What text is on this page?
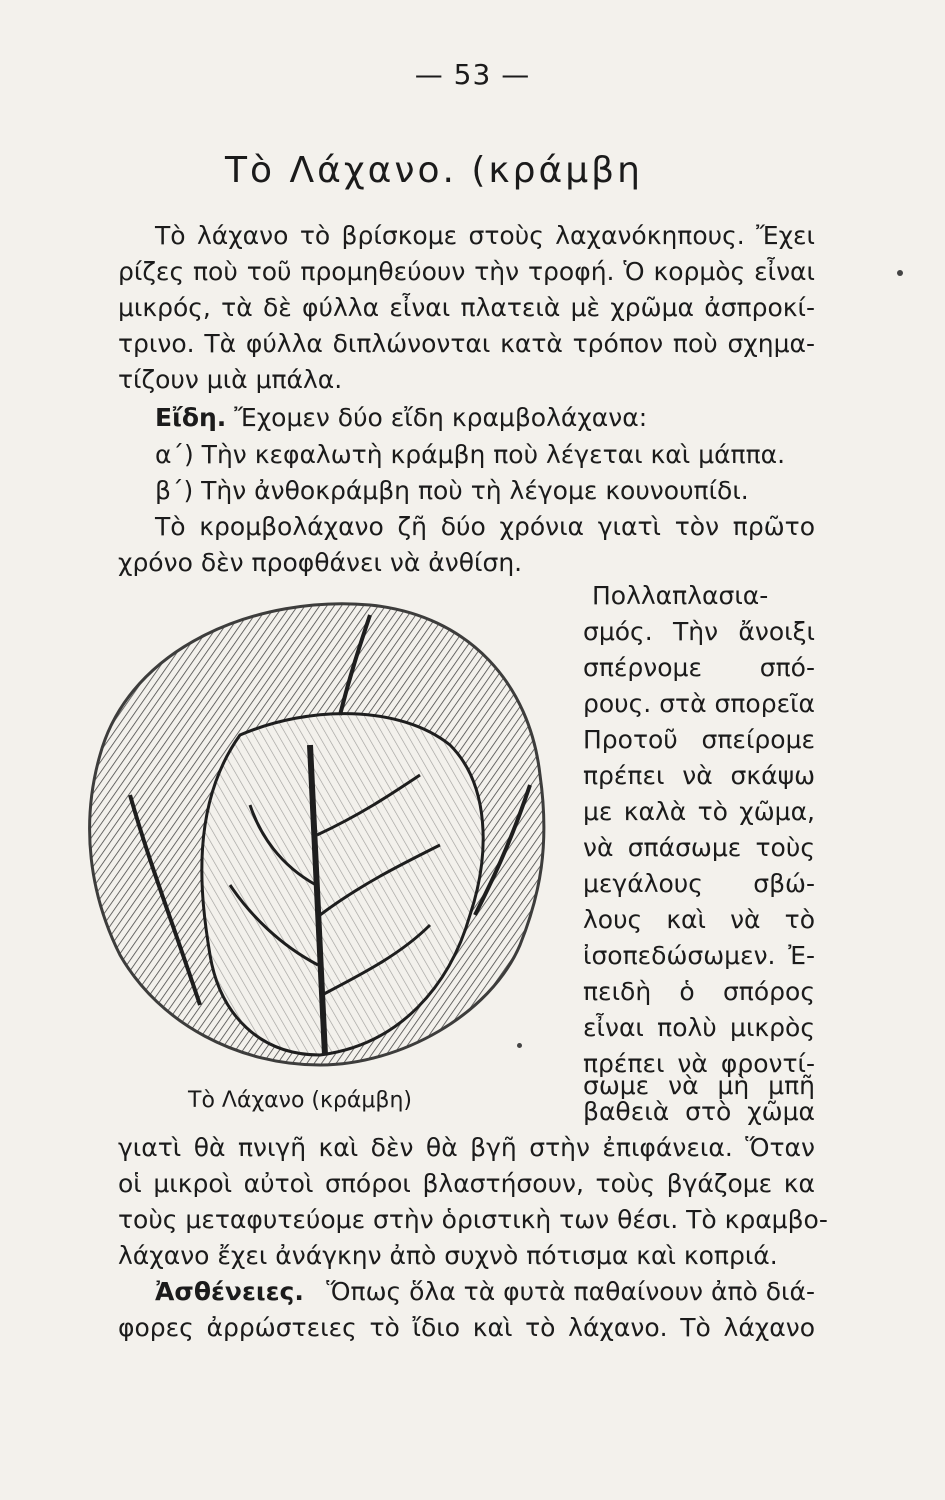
— 53 —
Τὸ Λάχανο. (κράμβη
Τὸ λάχανο τὸ βρίσκομε στοὺς λαχανόκηπους. Ἔχει
ρίζες ποὺ τοῦ προμηθεύουν τὴν τροφή. Ὁ κορμὸς εἶναι
μικρός, τὰ δὲ φύλλα εἶναι πλατειὰ μὲ χρῶμα ἀσπροκί-
τρινο. Τὰ φύλλα διπλώνονται κατὰ τρόπον ποὺ σχημα-
τίζουν μιὰ μπάλα.
Εἴδη. Ἔχομεν δύο εἴδη κραμβολάχανα:
α΄) Τὴν κεφαλωτὴ κράμβη ποὺ λέγεται καὶ μάππα.
β΄) Τὴν ἀνθοκράμβη ποὺ τὴ λέγομε κουνουπίδι.
Τὸ κρομβολάχανο ζῆ δύο χρόνια γιατὶ τὸν πρῶτο
χρόνο δὲν προφθάνει νὰ ἀνθίση.
Πολλαπλασια-
σμός. Τὴν ἄνοιξι
σπέρνομε σπό-
ρους. στὰ σπορεῖα
Προτοῦ σπείρομε
πρέπει νὰ σκάψω
με καλὰ τὸ χῶμα,
νὰ σπάσωμε τοὺς
μεγάλους σβώ-
λους καὶ νὰ τὸ
ἰσοπεδώσωμεν. Ἐ-
πειδὴ ὁ σπόρος
εἶναι πολὺ μικρὸς
πρέπει νὰ φροντί-
σωμε νὰ μὴ μπῆ
βαθειὰ στὸ χῶμα
Τὸ Λάχανο (κράμβη)
γιατὶ θὰ πνιγῆ καὶ δὲν θὰ βγῆ στὴν ἐπιφάνεια. Ὅταν
οἱ μικροὶ αὐτοὶ σπόροι βλαστήσουν, τοὺς βγάζομε κα
τοὺς μεταφυτεύομε στὴν ὁριστικὴ των θέσι. Τὸ κραμβο-
λάχανο ἔχει ἀνάγκην ἀπὸ συχνὸ πότισμα καὶ κοπριά.
Ἀσθένειες. Ὅπως ὅλα τὰ φυτὰ παθαίνουν ἀπὸ διά-
φορες ἀρρώστειες τὸ ἴδιο καὶ τὸ λάχανο. Τὸ λάχανο
